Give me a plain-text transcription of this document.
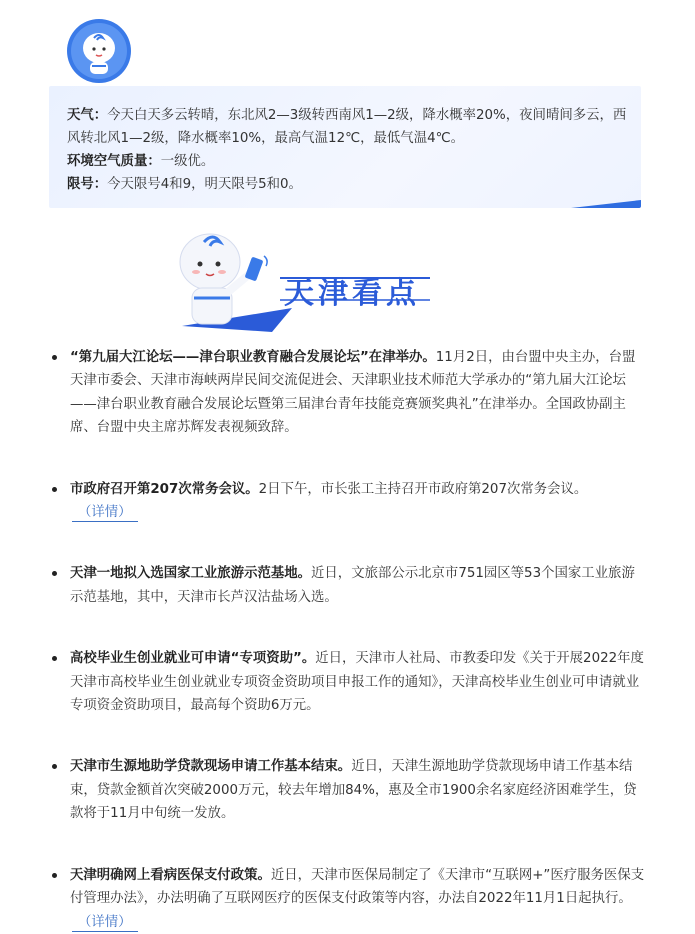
天气：今天白天多云转晴，东北风2—3级转西南风1—2级，降水概率20%，夜间晴间多云，西风转北风1—2级，降水概率10%，最高气温12℃，最低气温4℃。
环境空气质量：一级优。
限号：今天限号4和9，明天限号5和0。
天津看点
“第九届大江论坛——津台职业教育融合发展论坛”在津举办。11月2日，由台盟中央主办，台盟天津市委会、天津市海峡两岸民间交流促进会、天津职业技术师范大学承办的“第九届大江论坛——津台职业教育融合发展论坛暨第三届津台青年技能竞赛颁奖典礼”在津举办。全国政协副主席、台盟中央主席苏辉发表视频致辞。
市政府召开第207次常务会议。2日下午，市长张工主持召开市政府第207次常务会议。（详情）
天津一地拟入选国家工业旅游示范基地。近日，文旅部公示北京市751园区等53个国家工业旅游示范基地，其中，天津市长芦汉沽盐场入选。
高校毕业生创业就业可申请“专项资助”。近日，天津市人社局、市教委印发《关于开展2022年度天津市高校毕业生创业就业专项资金资助项目申报工作的通知》，天津高校毕业生创业可申请就业专项资金资助项目，最高每个资助6万元。
天津市生源地助学贷款现场申请工作基本结束。近日，天津生源地助学贷款现场申请工作基本结束，贷款金额首次突破2000万元，较去年增加84%，惠及全市1900余名家庭经济困难学生，贷款将于11月中旬统一发放。
天津明确网上看病医保支付政策。近日，天津市医保局制定了《天津市“互联网+”医疗服务医保支付管理办法》，办法明确了互联网医疗的医保支付政策等内容，办法自2022年11月1日起执行。（详情）
